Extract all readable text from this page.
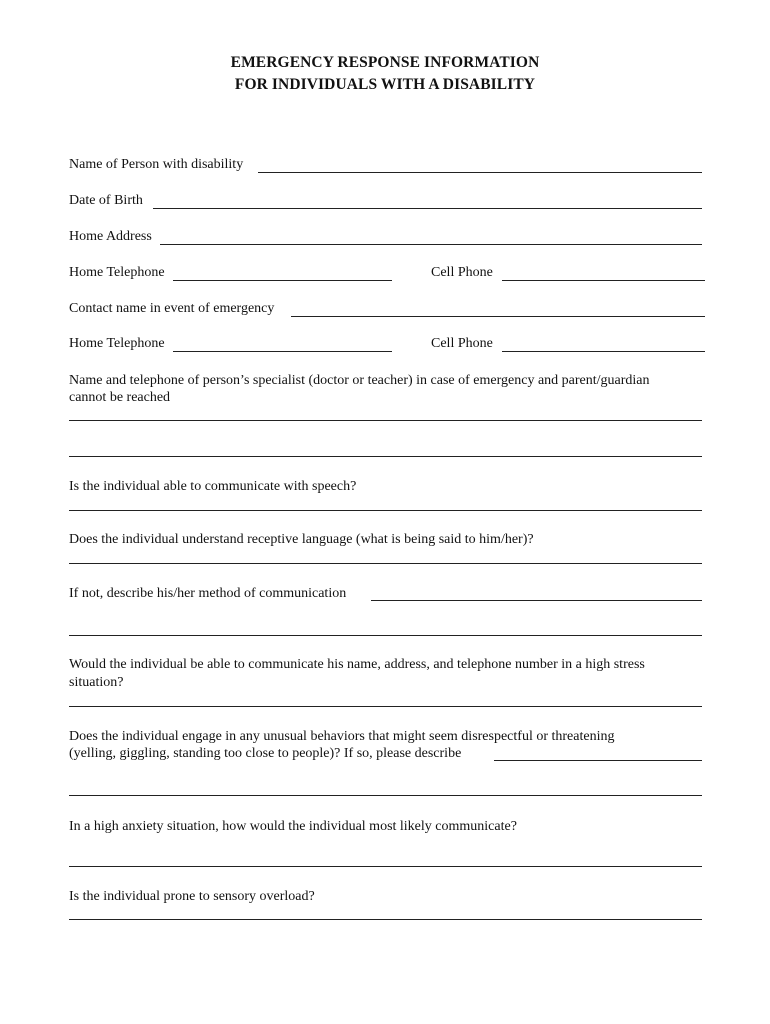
EMERGENCY RESPONSE INFORMATION
FOR INDIVIDUALS WITH A DISABILITY
Name of Person with disability
Date of Birth
Home Address
Home Telephone	Cell Phone
Contact name in event of emergency
Home Telephone	Cell Phone
Name and telephone of person’s specialist (doctor or teacher) in case of emergency and parent/guardian
cannot be reached
Is the individual able to communicate with speech?
Does the individual understand receptive language (what is being said to him/her)?
If not, describe his/her method of communication
Would the individual be able to communicate his name, address, and telephone number in a high stress
situation?
Does the individual engage in any unusual behaviors that might seem disrespectful or threatening
(yelling, giggling, standing too close to people)? If so, please describe
In a high anxiety situation, how would the individual most likely communicate?
Is the individual prone to sensory overload?
